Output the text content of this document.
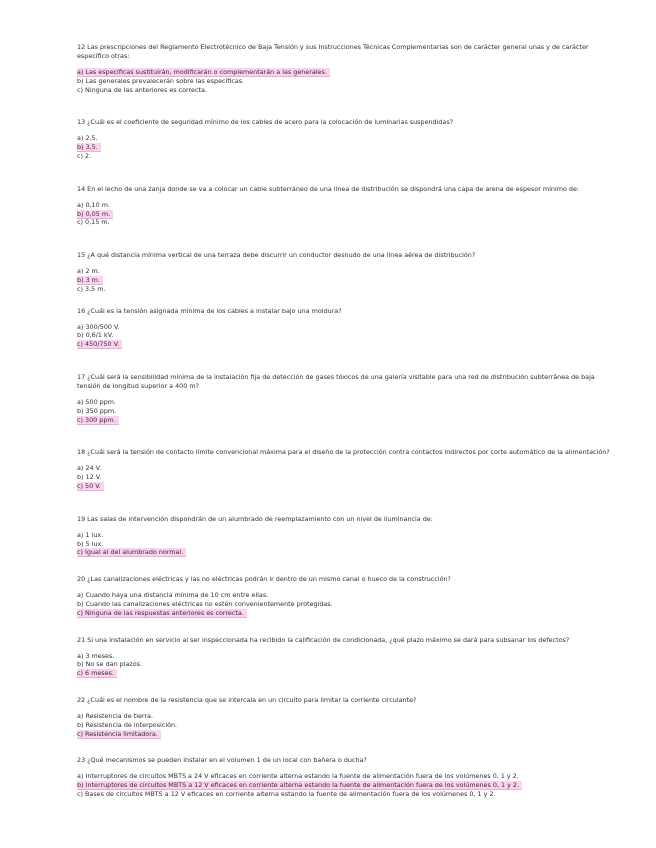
12 Las prescripciones del Reglamento Electrotécnico de Baja Tensión y sus Instrucciones Técnicas Complementarias son de carácter general unas y de carácter específico otras:

a) Las específicas sustituirán, modificarán o complementarán a las generales.

b) Las generales prevalecerán sobre las específicas.

c) Ninguna de las anteriores es correcta.

13 ¿Cuál es el coeficiente de seguridad mínimo de los cables de acero para la colocación de luminarias suspendidas?

a) 2,5.

b) 3,5.

c) 2.

14 En el lecho de una zanja donde se va a colocar un cable subterráneo de una línea de distribución se dispondrá una capa de arena de espesor mínimo de:

a) 0,10 m.

b) 0,05 m.

c) 0,15 m.

15 ¿A qué distancia mínima vertical de una terraza debe discurrir un conductor desnudo de una línea aérea de distribución?

a) 2 m.

b) 3 m.

c) 3,5 m.

16 ¿Cuál es la tensión asignada mínima de los cables a instalar bajo una moldura?

a) 300/500 V.

b) 0,6/1 kV.

c) 450/750 V.

17 ¿Cuál será la sensibilidad mínima de la instalación fija de detección de gases tóxicos de una galería visitable para una red de distribución subterránea de baja tensión de longitud superior a 400 m?

a) 500 ppm.

b) 350 ppm.

c) 300 ppm.

18 ¿Cuál será la tensión de contacto límite convencional máxima para el diseño de la protección contra contactos indirectos por corte automático de la alimentación?

a) 24 V.

b) 12 V.

c) 50 V.

19 Las salas de intervención dispondrán de un alumbrado de reemplazamiento con un nivel de iluminancia de:

a) 1 lux.

b) 5 lux.

c) Igual al del alumbrado normal.

20 ¿Las canalizaciones eléctricas y las no eléctricas podrán ir dentro de un mismo canal o hueco de la construcción?

a) Cuando haya una distancia mínima de 10 cm entre ellas.

b) Cuando las canalizaciones eléctricas no estén convenientemente protegidas.

c) Ninguna de las respuestas anteriores es correcta.

21 Si una instalación en servicio al ser inspeccionada ha recibido la calificación de condicionada, ¿qué plazo máximo se dará para subsanar los defectos?

a) 3 meses.

b) No se dan plazos.

c) 6 meses.

22 ¿Cuál es el nombre de la resistencia que se intercala en un circuito para limitar la corriente circulante?

a) Resistencia de tierra.

b) Resistencia de interposición.

c) Resistencia limitadora.

23 ¿Qué mecanismos se pueden instalar en el volumen 1 de un local con bañera o ducha?

a) Interruptores de circuitos MBTS a 24 V eficaces en corriente alterna estando la fuente de alimentación fuera de los volúmenes 0, 1 y 2.

b) Interruptores de circuitos MBTS a 12 V eficaces en corriente alterna estando la fuente de alimentación fuera de los volúmenes 0, 1 y 2.

c) Bases de circuitos MBTS a 12 V eficaces en corriente alterna estando la fuente de alimentación fuera de los volúmenes 0, 1 y 2.
